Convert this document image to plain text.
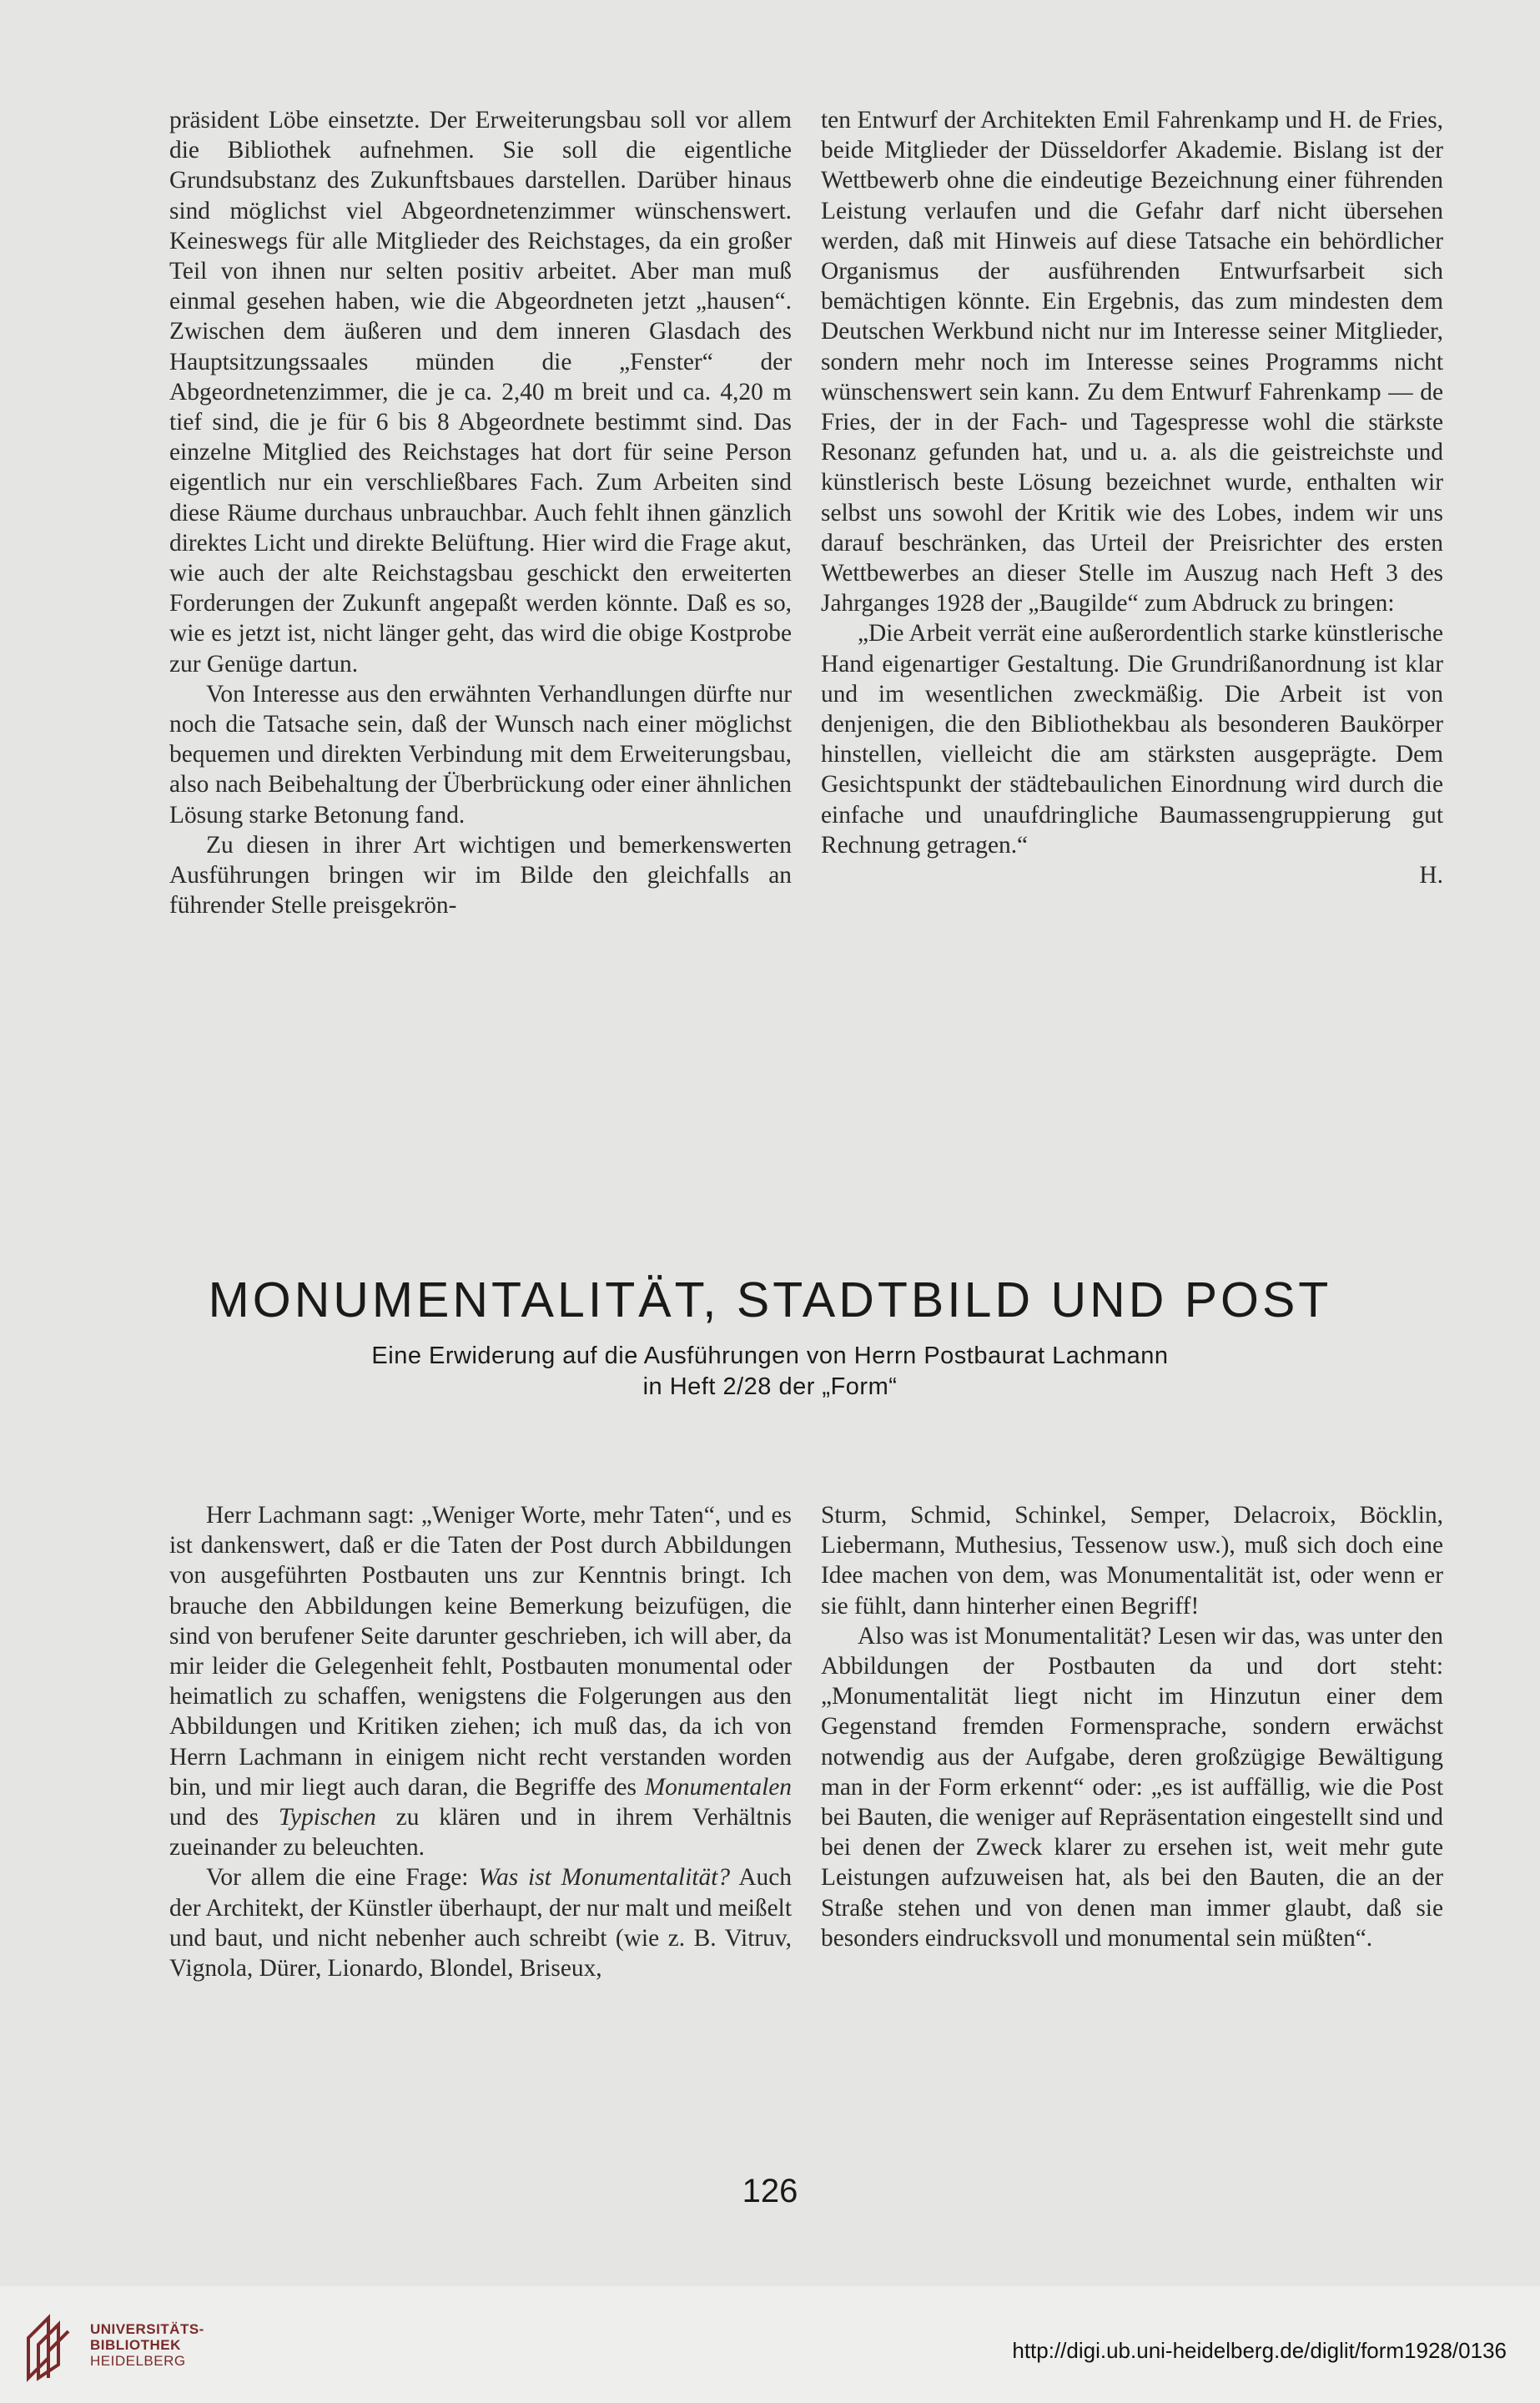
präsident Löbe einsetzte. Der Erweiterungsbau soll vor allem die Bibliothek aufnehmen. Sie soll die eigentliche Grundsubstanz des Zukunftsbaues darstellen. Darüber hinaus sind möglichst viel Abgeordnetenzimmer wünschenswert. Keineswegs für alle Mitglieder des Reichstages, da ein großer Teil von ihnen nur selten positiv arbeitet. Aber man muß einmal gesehen haben, wie die Abgeordneten jetzt „hausen“. Zwischen dem äußeren und dem inneren Glasdach des Hauptsitzungssaales münden die „Fenster“ der Abgeordnetenzimmer, die je ca. 2,40 m breit und ca. 4,20 m tief sind, die je für 6 bis 8 Abgeordnete bestimmt sind. Das einzelne Mitglied des Reichstages hat dort für seine Person eigentlich nur ein verschließbares Fach. Zum Arbeiten sind diese Räume durchaus unbrauchbar. Auch fehlt ihnen gänzlich direktes Licht und direkte Belüftung. Hier wird die Frage akut, wie auch der alte Reichstagsbau geschickt den erweiterten Forderungen der Zukunft angepaßt werden könnte. Daß es so, wie es jetzt ist, nicht länger geht, das wird die obige Kostprobe zur Genüge dartun.

Von Interesse aus den erwähnten Verhandlungen dürfte nur noch die Tatsache sein, daß der Wunsch nach einer möglichst bequemen und direkten Verbindung mit dem Erweiterungsbau, also nach Beibehaltung der Überbrückung oder einer ähnlichen Lösung starke Betonung fand.

Zu diesen in ihrer Art wichtigen und bemerkenswerten Ausführungen bringen wir im Bilde den gleichfalls an führender Stelle preisgekrön-

ten Entwurf der Architekten Emil Fahrenkamp und H. de Fries, beide Mitglieder der Düsseldorfer Akademie. Bislang ist der Wettbewerb ohne die eindeutige Bezeichnung einer führenden Leistung verlaufen und die Gefahr darf nicht übersehen werden, daß mit Hinweis auf diese Tatsache ein behördlicher Organismus der ausführenden Entwurfsarbeit sich bemächtigen könnte. Ein Ergebnis, das zum mindesten dem Deutschen Werkbund nicht nur im Interesse seiner Mitglieder, sondern mehr noch im Interesse seines Programms nicht wünschenswert sein kann. Zu dem Entwurf Fahrenkamp — de Fries, der in der Fach- und Tagespresse wohl die stärkste Resonanz gefunden hat, und u. a. als die geistreichste und künstlerisch beste Lösung bezeichnet wurde, enthalten wir selbst uns sowohl der Kritik wie des Lobes, indem wir uns darauf beschränken, das Urteil der Preisrichter des ersten Wettbewerbes an dieser Stelle im Auszug nach Heft 3 des Jahrganges 1928 der „Baugilde“ zum Abdruck zu bringen:

„Die Arbeit verrät eine außerordentlich starke künstlerische Hand eigenartiger Gestaltung. Die Grundrißanordnung ist klar und im wesentlichen zweckmäßig. Die Arbeit ist von denjenigen, die den Bibliothekbau als besonderen Baukörper hinstellen, vielleicht die am stärksten ausgeprägte. Dem Gesichtspunkt der städtebaulichen Einordnung wird durch die einfache und unaufdringliche Baumassengruppierung gut Rechnung getragen.“

H.

MONUMENTALITÄT, STADTBILD UND POST
Eine Erwiderung auf die Ausführungen von Herrn Postbaurat Lachmann
in Heft 2/28 der „Form“

Herr Lachmann sagt: „Weniger Worte, mehr Taten“, und es ist dankenswert, daß er die Taten der Post durch Abbildungen von ausgeführten Postbauten uns zur Kenntnis bringt. Ich brauche den Abbildungen keine Bemerkung beizufügen, die sind von berufener Seite darunter geschrieben, ich will aber, da mir leider die Gelegenheit fehlt, Postbauten monumental oder heimatlich zu schaffen, wenigstens die Folgerungen aus den Abbildungen und Kritiken ziehen; ich muß das, da ich von Herrn Lachmann in einigem nicht recht verstanden worden bin, und mir liegt auch daran, die Begriffe des Monumentalen und des Typischen zu klären und in ihrem Verhältnis zueinander zu beleuchten.

Vor allem die eine Frage: Was ist Monumentalität? Auch der Architekt, der Künstler überhaupt, der nur malt und meißelt und baut, und nicht nebenher auch schreibt (wie z. B. Vitruv, Vignola, Dürer, Lionardo, Blondel, Briseux,

Sturm, Schmid, Schinkel, Semper, Delacroix, Böcklin, Liebermann, Muthesius, Tessenow usw.), muß sich doch eine Idee machen von dem, was Monumentalität ist, oder wenn er sie fühlt, dann hinterher einen Begriff!

Also was ist Monumentalität? Lesen wir das, was unter den Abbildungen der Postbauten da und dort steht: „Monumentalität liegt nicht im Hinzutun einer dem Gegenstand fremden Formensprache, sondern erwächst notwendig aus der Aufgabe, deren großzügige Bewältigung man in der Form erkennt“ oder: „es ist auffällig, wie die Post bei Bauten, die weniger auf Repräsentation eingestellt sind und bei denen der Zweck klarer zu ersehen ist, weit mehr gute Leistungen aufzuweisen hat, als bei den Bauten, die an der Straße stehen und von denen man immer glaubt, daß sie besonders eindrucksvoll und monumental sein müßten“.

126
UNIVERSITÄTS-
BIBLIOTHEK
HEIDELBERG	http://digi.ub.uni-heidelberg.de/diglit/form1928/0136
